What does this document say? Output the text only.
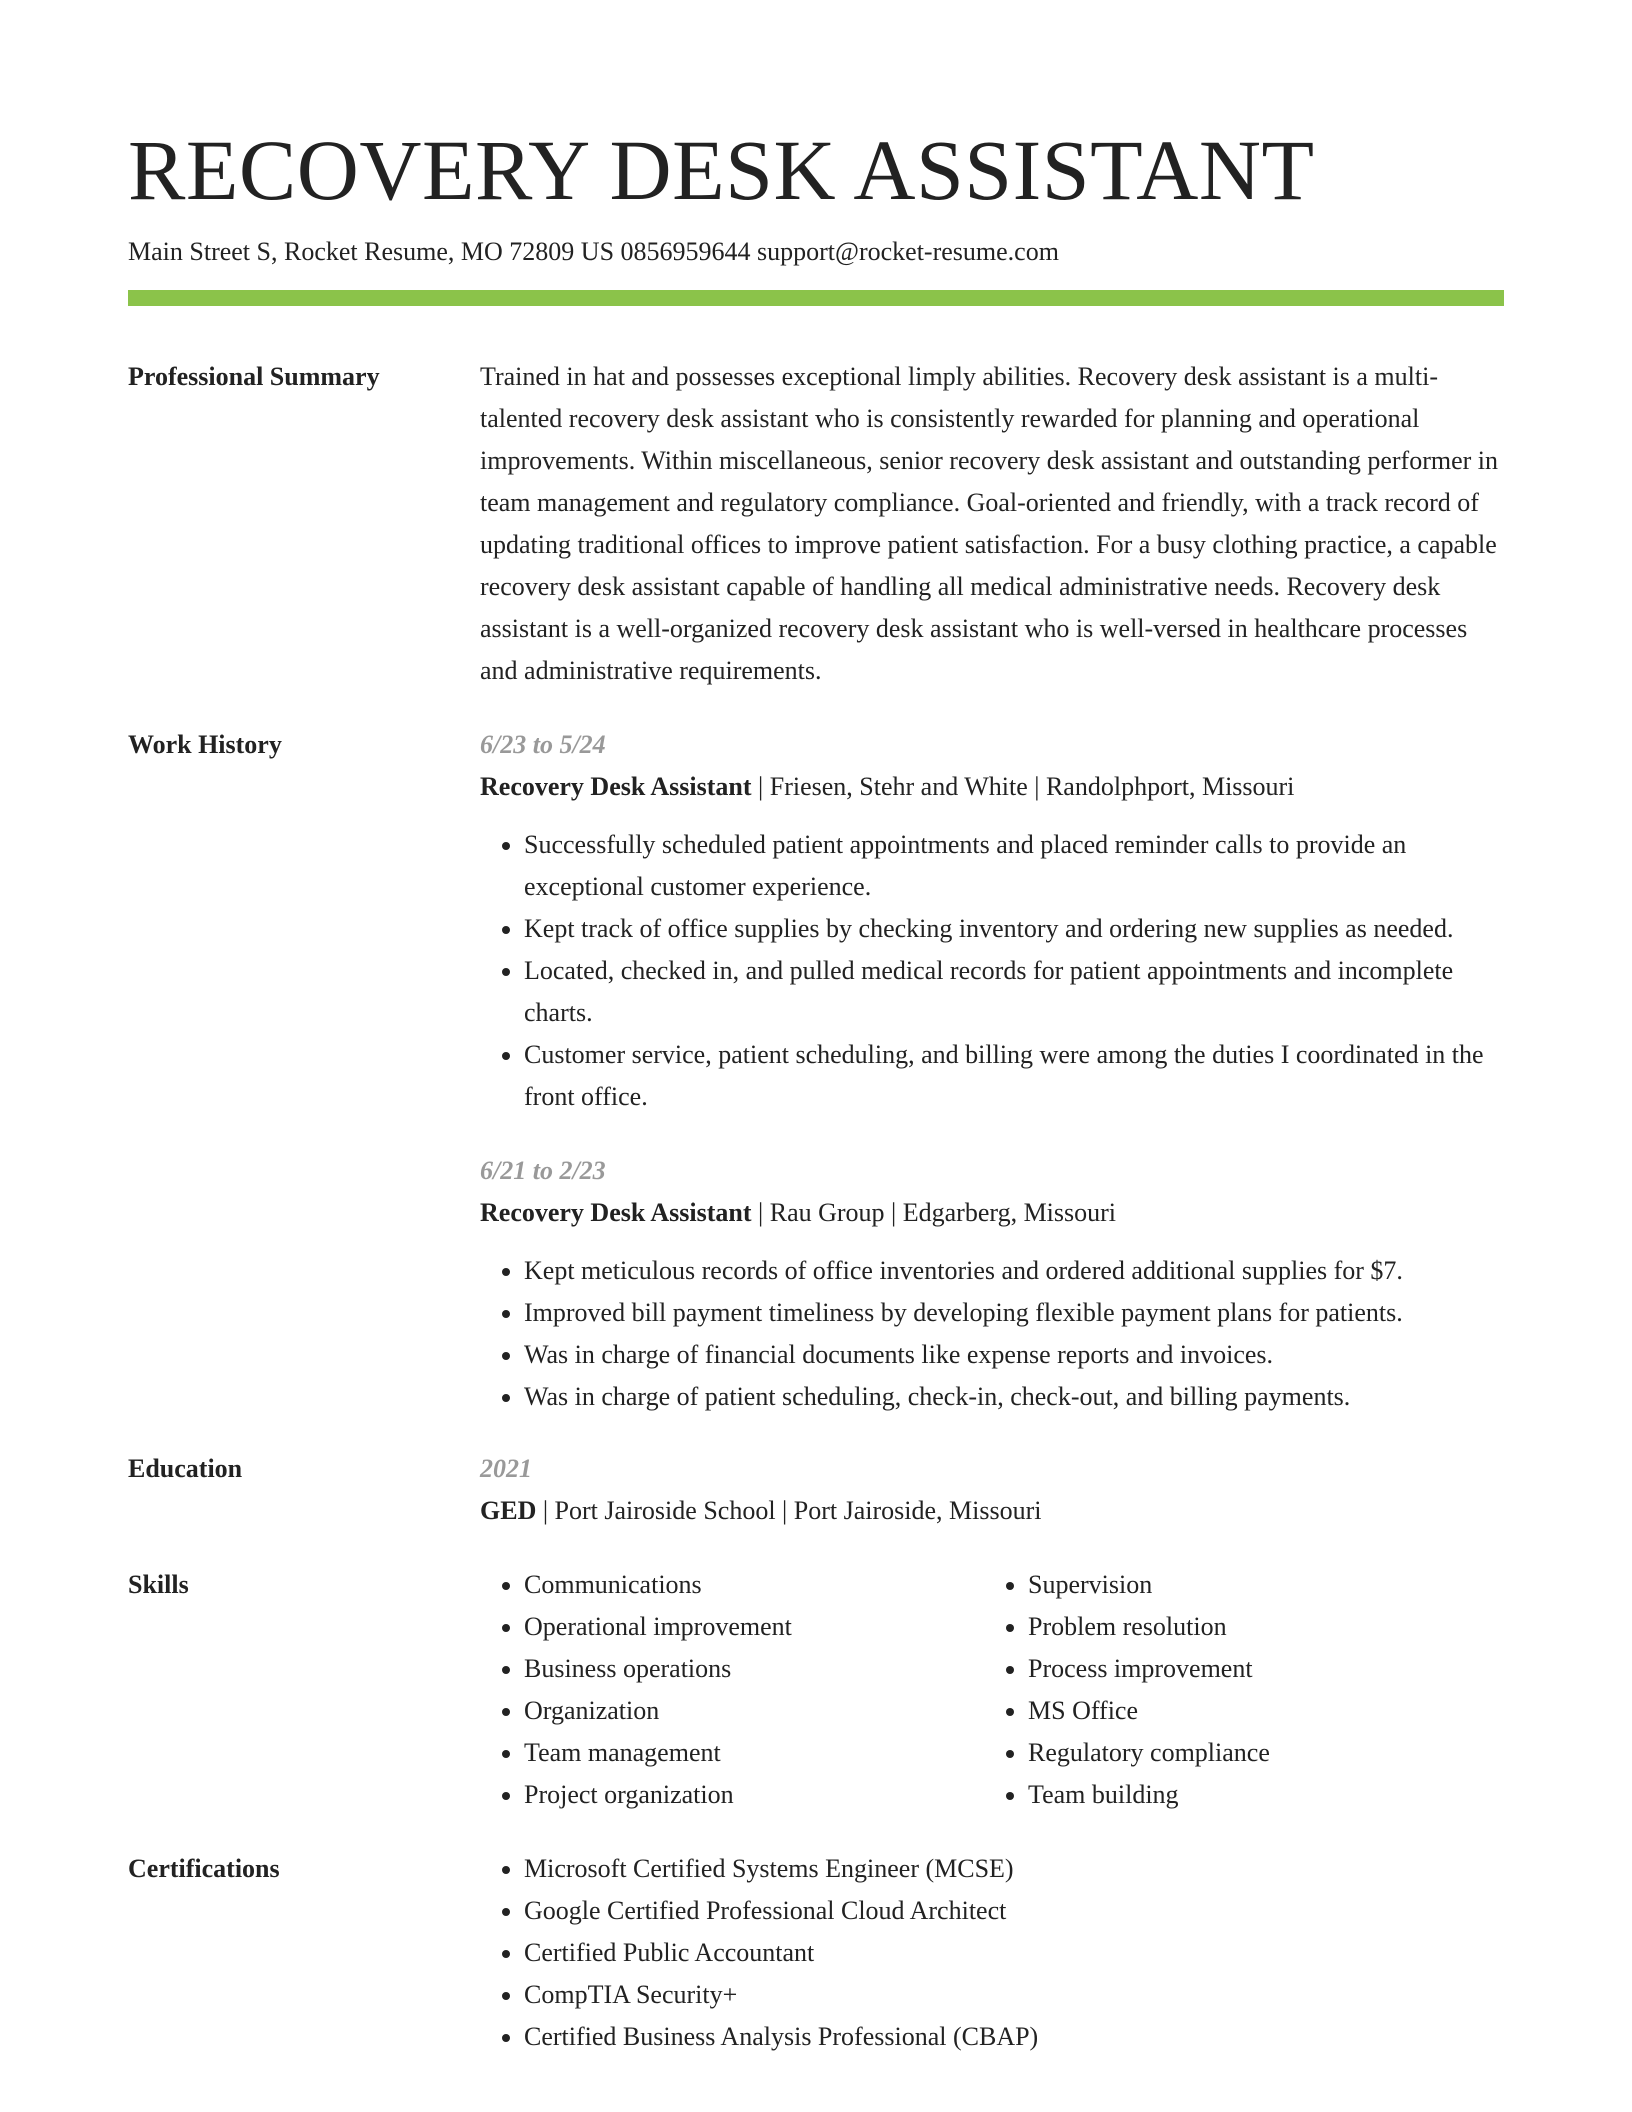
RECOVERY DESK ASSISTANT
Main Street S, Rocket Resume, MO 72809 US 0856959644 support@rocket-resume.com
Professional Summary	Trained in hat and possesses exceptional limply abilities. Recovery desk assistant is a multi-talented recovery desk assistant who is consistently rewarded for planning and operational improvements. Within miscellaneous, senior recovery desk assistant and outstanding performer in team management and regulatory compliance. Goal-oriented and friendly, with a track record of updating traditional offices to improve patient satisfaction. For a busy clothing practice, a capable recovery desk assistant capable of handling all medical administrative needs. Recovery desk assistant is a well-organized recovery desk assistant who is well-versed in healthcare processes and administrative requirements.
Work History	6/23 to 5/24
Recovery Desk Assistant | Friesen, Stehr and White | Randolphport, Missouri
• Successfully scheduled patient appointments and placed reminder calls to provide an exceptional customer experience.
• Kept track of office supplies by checking inventory and ordering new supplies as needed.
• Located, checked in, and pulled medical records for patient appointments and incomplete charts.
• Customer service, patient scheduling, and billing were among the duties I coordinated in the front office.
6/21 to 2/23
Recovery Desk Assistant | Rau Group | Edgarberg, Missouri
• Kept meticulous records of office inventories and ordered additional supplies for $7.
• Improved bill payment timeliness by developing flexible payment plans for patients.
• Was in charge of financial documents like expense reports and invoices.
• Was in charge of patient scheduling, check-in, check-out, and billing payments.
Education	2021
GED | Port Jairoside School | Port Jairoside, Missouri
Skills	• Communications
• Operational improvement
• Business operations
• Organization
• Team management
• Project organization
• Supervision
• Problem resolution
• Process improvement
• MS Office
• Regulatory compliance
• Team building
Certifications	• Microsoft Certified Systems Engineer (MCSE)
• Google Certified Professional Cloud Architect
• Certified Public Accountant
• CompTIA Security+
• Certified Business Analysis Professional (CBAP)
